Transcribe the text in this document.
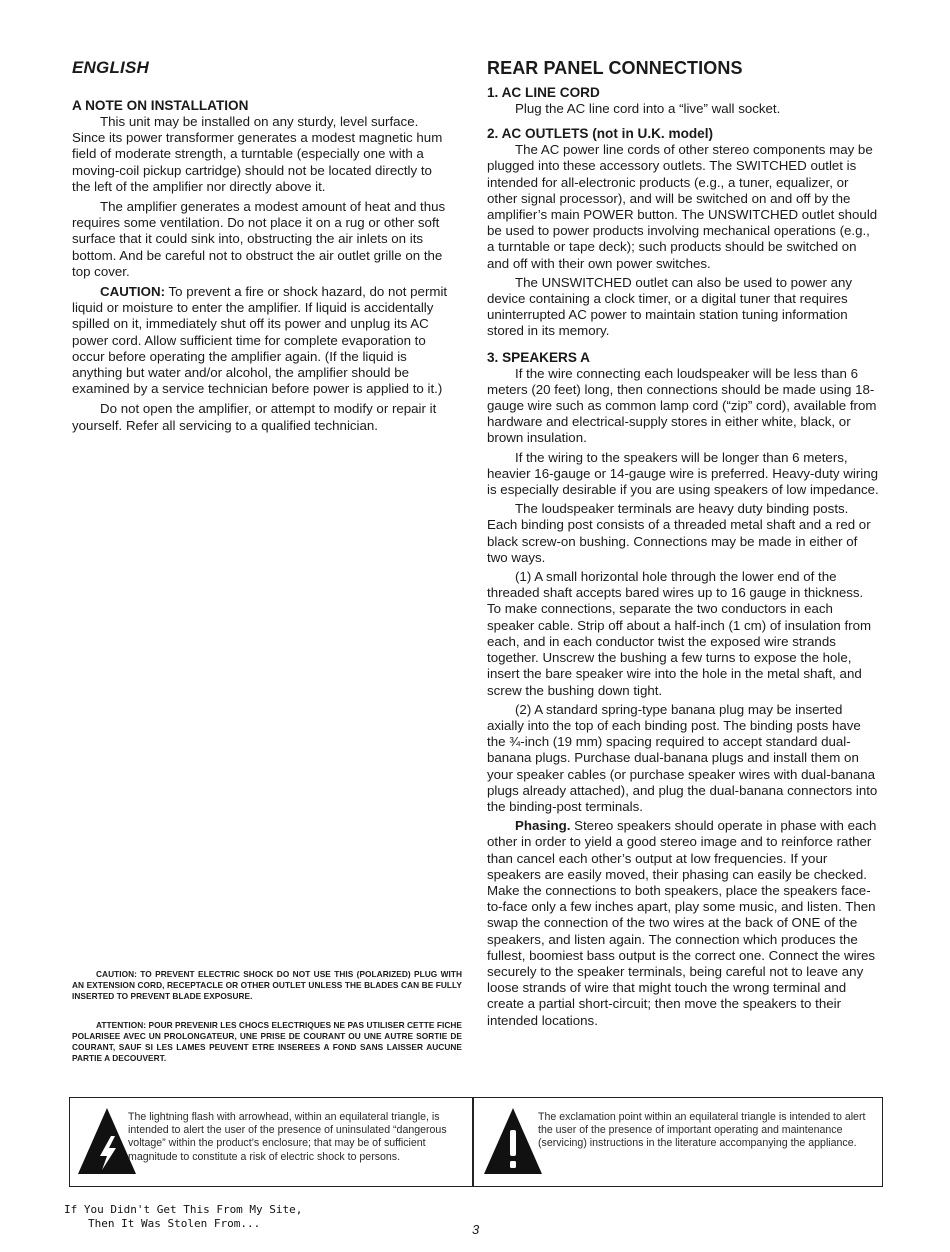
ENGLISH
A NOTE ON INSTALLATION

This unit may be installed on any sturdy, level surface. Since its power transformer generates a modest magnetic hum field of moderate strength, a turntable (especially one with a moving-coil pickup cartridge) should not be located directly to the left of the amplifier nor directly above it.

The amplifier generates a modest amount of heat and thus requires some ventilation. Do not place it on a rug or other soft surface that it could sink into, obstructing the air inlets on its bottom. And be careful not to obstruct the air outlet grille on the top cover.

CAUTION: To prevent a fire or shock hazard, do not permit liquid or moisture to enter the amplifier. If liquid is accidentally spilled on it, immediately shut off its power and unplug its AC power cord. Allow sufficient time for complete evaporation to occur before operating the amplifier again. (If the liquid is anything but water and/or alcohol, the amplifier should be examined by a service technician before power is applied to it.)

Do not open the amplifier, or attempt to modify or repair it yourself. Refer all servicing to a qualified technician.

CAUTION: TO PREVENT ELECTRIC SHOCK DO NOT USE THIS (POLARIZED) PLUG WITH AN EXTENSION CORD, RECEPTACLE OR OTHER OUTLET UNLESS THE BLADES CAN BE FULLY INSERTED TO PREVENT BLADE EXPOSURE.
ATTENTION: POUR PREVENIR LES CHOCS ELECTRIQUES NE PAS UTILISER CETTE FICHE POLARISEE AVEC UN PROLONGATEUR, UNE PRISE DE COURANT OU UNE AUTRE SORTIE DE COURANT, SAUF SI LES LAMES PEUVENT ETRE INSEREES A FOND SANS LAISSER AUCUNE PARTIE A DECOUVERT.
REAR PANEL CONNECTIONS
1. AC LINE CORD

Plug the AC line cord into a “live” wall socket.

2. AC OUTLETS (not in U.K. model)

The AC power line cords of other stereo components may be plugged into these accessory outlets. The SWITCHED outlet is intended for all-electronic products (e.g., a tuner, equalizer, or other signal processor), and will be switched on and off by the amplifier’s main POWER button. The UNSWITCHED outlet should be used to power products involving mechanical operations (e.g., a turntable or tape deck); such products should be switched on and off with their own power switches.

The UNSWITCHED outlet can also be used to power any device containing a clock timer, or a digital tuner that requires uninterrupted AC power to maintain station tuning information stored in its memory.

3. SPEAKERS A

If the wire connecting each loudspeaker will be less than 6 meters (20 feet) long, then connections should be made using 18-gauge wire such as common lamp cord (“zip” cord), available from hardware and electrical-supply stores in either white, black, or brown insulation.

If the wiring to the speakers will be longer than 6 meters, heavier 16-gauge or 14-gauge wire is preferred. Heavy-duty wiring is especially desirable if you are using speakers of low impedance.

The loudspeaker terminals are heavy duty binding posts. Each binding post consists of a threaded metal shaft and a red or black screw-on bushing. Connections may be made in either of two ways.

(1) A small horizontal hole through the lower end of the threaded shaft accepts bared wires up to 16 gauge in thickness. To make connections, separate the two conductors in each speaker cable. Strip off about a half-inch (1 cm) of insulation from each, and in each conductor twist the exposed wire strands together. Unscrew the bushing a few turns to expose the hole, insert the bare speaker wire into the hole in the metal shaft, and screw the bushing down tight.

(2) A standard spring-type banana plug may be inserted axially into the top of each binding post. The binding posts have the ¾-inch (19 mm) spacing required to accept standard dual-banana plugs. Purchase dual-banana plugs and install them on your speaker cables (or purchase speaker wires with dual-banana plugs already attached), and plug the dual-banana connectors into the binding-post terminals.

Phasing. Stereo speakers should operate in phase with each other in order to yield a good stereo image and to reinforce rather than cancel each other’s output at low frequencies. If your speakers are easily moved, their phasing can easily be checked. Make the connections to both speakers, place the speakers face-to-face only a few inches apart, play some music, and listen. Then swap the connection of the two wires at the back of ONE of the speakers, and listen again. The connection which produces the fullest, boomiest bass output is the correct one. Connect the wires securely to the speaker terminals, being careful not to leave any loose strands of wire that might touch the wrong terminal and create a partial short-circuit; then move the speakers to their intended locations.

The lightning flash with arrowhead, within an equilateral triangle, is intended to alert the user of the presence of uninsulated “dangerous voltage” within the product’s enclosure; that may be of sufficient magnitude to constitute a risk of electric shock to persons.
The exclamation point within an equilateral triangle is intended to alert the user of the presence of important operating and maintenance (servicing) instructions in the literature accompanying the appliance.
If You Didn't Get This From My Site,
Then It Was Stolen From...	3
